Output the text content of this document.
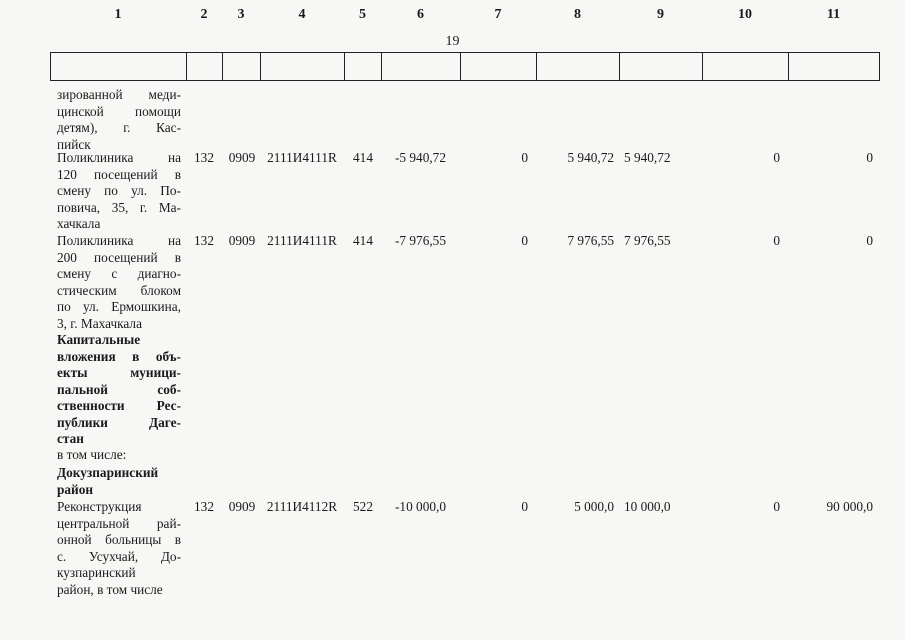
19
1	2	3	4	5	6	7	8	9	10	11
зированной меди-
цинской помощи
детям), г. Кас-
пийск
Поликлиника на
120 посещений в
смену по ул. По-
повича, 35, г. Ма-
хачкала
132	0909 2111И4111R	414	-5 940,72	0	5 940,72 5 940,72	0	0
Поликлиника на
200 посещений в
смену с диагно-
стическим блоком
по ул. Ермошкина,
3, г. Махачкала
132	0909 2111И4111R	414	-7 976,55	0	7 976,55 7 976,55	0	0
Капитальные
вложения в объ-
екты муници-
пальной соб-
ственности Рес-
публики Даге-
стан
в том числе:
Докузпаринский
район
Реконструкция
центральной рай-
онной больницы в
с. Усухчай, До-
кузпаринский
район, в том числе
132	0909 2111И4112R	522	-10 000,0	0	5 000,0 10 000,0	0	90 000,0
